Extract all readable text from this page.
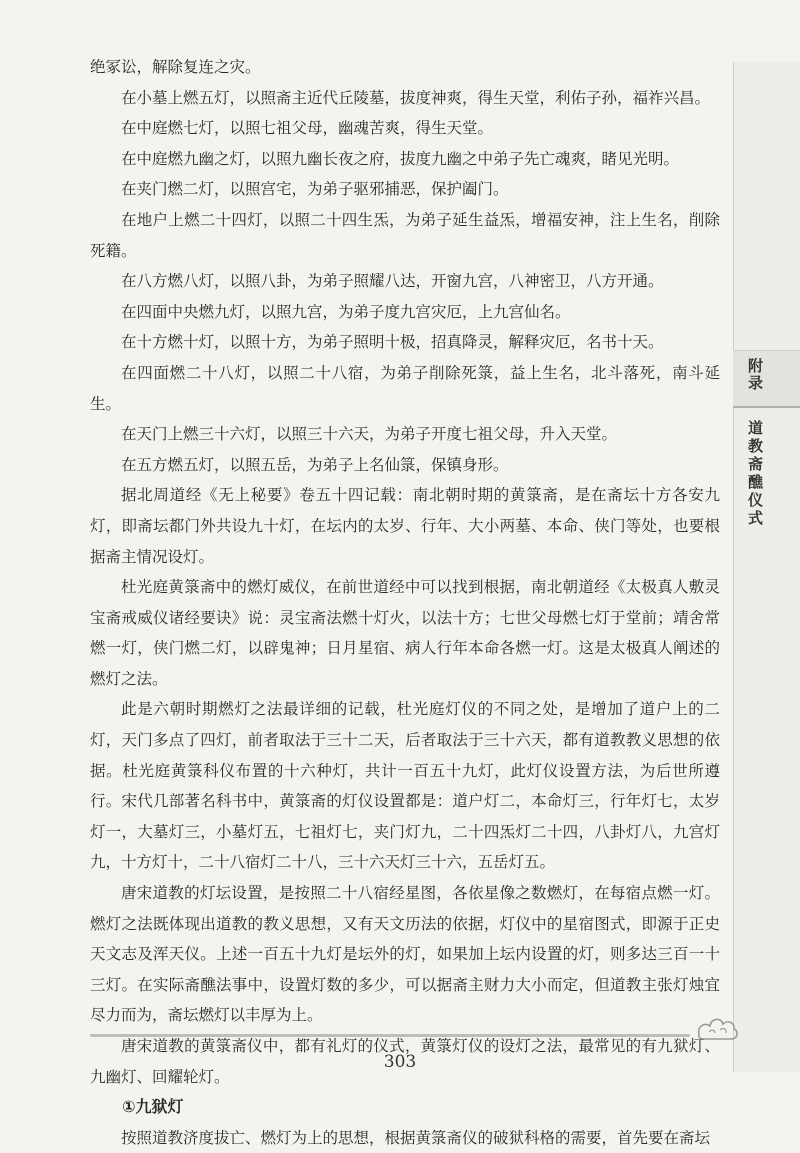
附录
道教斋醮仪式

绝冢讼，解除复连之灾。

在小墓上燃五灯，以照斋主近代丘陵墓，拔度神爽，得生天堂，利佑子孙，福祚兴昌。

在中庭燃七灯，以照七祖父母，幽魂苦爽，得生天堂。

在中庭燃九幽之灯，以照九幽长夜之府，拔度九幽之中弟子先亡魂爽，睹见光明。

在夹门燃二灯，以照宫宅，为弟子驱邪捕恶，保护阖门。

在地户上燃二十四灯，以照二十四生炁，为弟子延生益炁，增福安神，注上生名，削除死籍。

在八方燃八灯，以照八卦，为弟子照耀八达，开窗九宫，八神密卫，八方开通。

在四面中央燃九灯，以照九宫，为弟子度九宫灾厄，上九宫仙名。

在十方燃十灯，以照十方，为弟子照明十极，招真降灵，解释灾厄，名书十天。

在四面燃二十八灯，以照二十八宿，为弟子削除死箓，益上生名，北斗落死，南斗延生。

在天门上燃三十六灯，以照三十六天，为弟子开度七祖父母，升入天堂。

在五方燃五灯，以照五岳，为弟子上名仙箓，保镇身形。

据北周道经《无上秘要》卷五十四记载：南北朝时期的黄箓斋，是在斋坛十方各安九灯，即斋坛都门外共设九十灯，在坛内的太岁、行年、大小两墓、本命、侠门等处，也要根据斋主情况设灯。

杜光庭黄箓斋中的燃灯威仪，在前世道经中可以找到根据，南北朝道经《太极真人敷灵宝斋戒威仪诸经要诀》说：灵宝斋法燃十灯火，以法十方；七世父母燃七灯于堂前；靖舍常燃一灯，侠门燃二灯，以辟鬼神；日月星宿、病人行年本命各燃一灯。这是太极真人阐述的燃灯之法。

此是六朝时期燃灯之法最详细的记载，杜光庭灯仪的不同之处，是增加了道户上的二灯，天门多点了四灯，前者取法于三十二天，后者取法于三十六天，都有道教教义思想的依据。杜光庭黄箓科仪布置的十六种灯，共计一百五十九灯，此灯仪设置方法，为后世所遵行。宋代几部著名科书中，黄箓斋的灯仪设置都是：道户灯二，本命灯三，行年灯七，太岁灯一，大墓灯三，小墓灯五，七祖灯七，夹门灯九，二十四炁灯二十四，八卦灯八，九宫灯九，十方灯十，二十八宿灯二十八，三十六天灯三十六，五岳灯五。

唐宋道教的灯坛设置，是按照二十八宿经星图，各依星像之数燃灯，在每宿点燃一灯。燃灯之法既体现出道教的教义思想，又有天文历法的依据，灯仪中的星宿图式，即源于正史天文志及浑天仪。上述一百五十九灯是坛外的灯，如果加上坛内设置的灯，则多达三百一十三灯。在实际斋醮法事中，设置灯数的多少，可以据斋主财力大小而定，但道教主张灯烛宜尽力而为，斋坛燃灯以丰厚为上。

唐宋道教的黄箓斋仪中，都有礼灯的仪式，黄箓灯仪的设灯之法，最常见的有九狱灯、九幽灯、回耀轮灯。

①九狱灯

按照道教济度拔亡、燃灯为上的思想，根据黄箓斋仪的破狱科格的需要，首先要在斋坛

303
